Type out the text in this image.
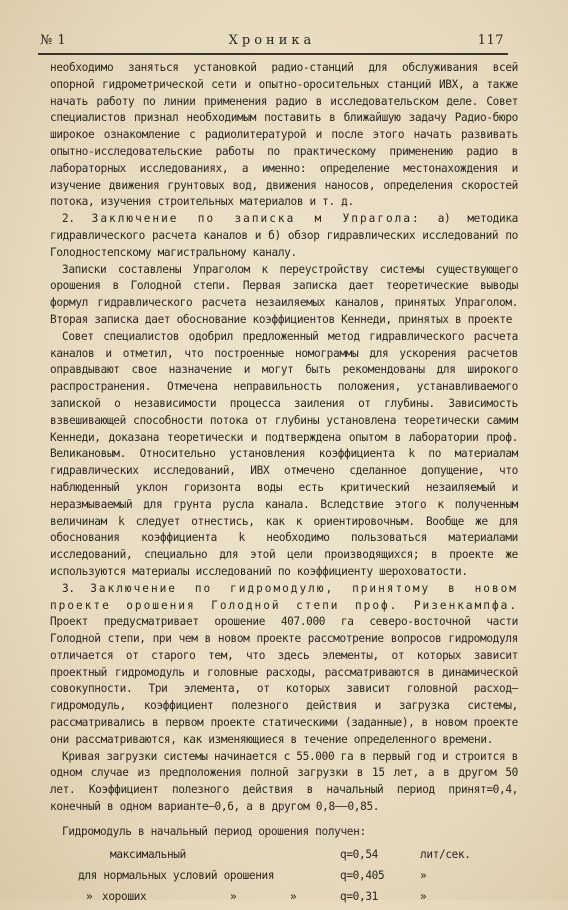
№ 1	Хроника	117

необходимо заняться установкой радио-станций для обслуживания всей опорной гидрометрической сети и опытно-оросительных станций ИВХ, а также начать работу по линии применения радио в исследовательском деле. Совет специалистов признал необходимым поставить в ближайшую задачу Радио-бюро широкое ознакомление с радиолитературой и после этого начать развивать опытно-исследовательские работы по практическому применению радио в лабораторных исследованиях, а именно: определение местонахождения и изучение движения грунтовых вод, движения наносов, определения скоростей потока, изучения строительных материалов и т. д.

2. Заключение по записка м Упраголa: а) методика гидравлического расчета каналов и б) обзор гидравлических исследований по Голодностепскому магистральному каналу.

Записки составлены Упраголом к переустройству системы существующего орошения в Голодной степи. Первая записка дает теоретические выводы формул гидравлического расчета незаиляемых каналов, принятых Упраголом. Вторая записка дает обоснование коэффициентов Кеннеди, принятых в проекте

Совет специалистов одобрил предложенный метод гидравлического расчета каналов и отметил, что построенные номограммы для ускорения расчетов оправдывают свое назначение и могут быть рекомендованы для широкого распространения. Отмечена неправильность положения, устанавливаемого запиской о независимости процесса заиления от глубины. Зависимость взвешивающей способности потока от глубины установлена теоретически самим Кеннеди, доказана теоретически и подтверждена опытом в лаборатории проф. Великановым. Относительно установления коэффициента k по материалам гидравлических исследований, ИВХ отмечено сделанное допущение, что наблюденный уклон горизонта воды есть критический незаиляемый и неразмываемый для грунта русла канала. Вследствие этого к полученным величинам k следует отнестись, как к ориентировочным. Вообще же для обоснования коэффициента k необходимо пользоваться материалами исследований, специально для этой цели производящихся; в проекте же используются материалы исследований по коэффициенту шероховатости.

3. Заключение по гидромодулю, принятому в новом проекте орошения Голодной степи проф. Ризенкампфа. Проект предусматривает орошение 407.000 га северо-восточной части Голодной степи, при чем в новом проекте рассмотрение вопросов гидромодуля отличается от старого тем, что здесь элементы, от которых зависит проектный гидромодуль и головные расходы, рассматриваются в динамической совокупности. Три элемента, от которых зависит головной расход—гидромодуль, коэффициент полезного действия и загрузка системы, рассматривались в первом проекте статическими (заданные), в новом проекте они рассматриваются, как изменяющиеся в течение определенного времени.

Кривая загрузки системы начинается с 55.000 га в первый год и строится в одном случае из предположения полной загрузки в 15 лет, а в другом 50 лет. Коэффициент полезного действия в начальный период принят=0,4, конечный в одном варианте—0,6, а в другом 0,8——0,85.

Гидромодуль в начальный период орошения получен:
максимальный	q=0,54	лит/сек.
для нормальных условий орошения	q=0,405	»
» хороших	»	»	q=0,31	»
